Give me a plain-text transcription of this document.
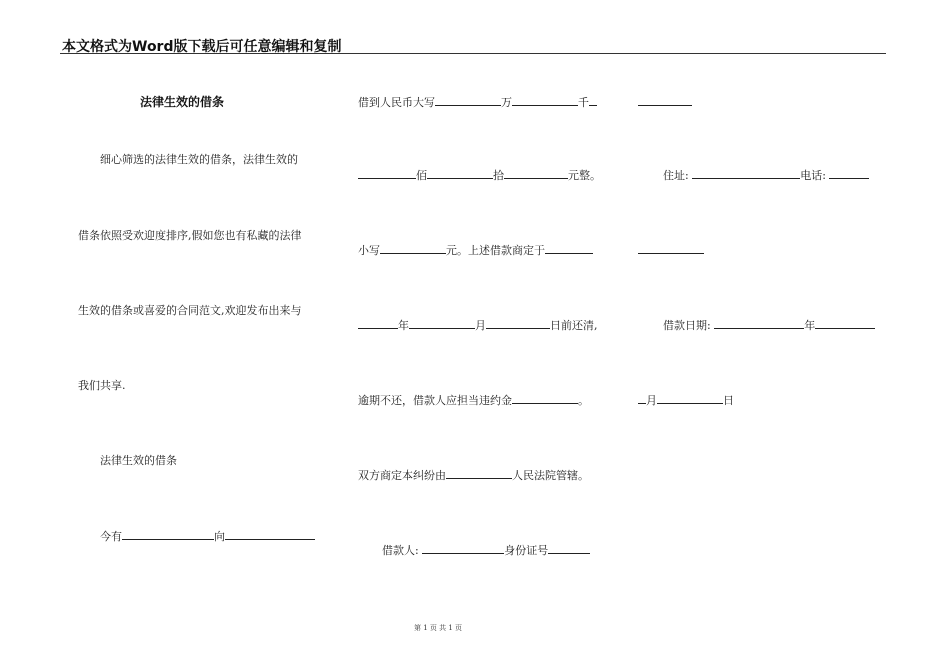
本文格式为Word版下载后可任意编辑和复制
法律生效的借条
细心筛选的法律生效的借条，法律生效的
借条依照受欢迎度排序,假如您也有私藏的法律
生效的借条或喜爱的合同范文,欢迎发布出来与
我们共享.
法律生效的借条
今有	向
借到人民币大写	万	千
佰	拾	元整。
小写	元。上述借款商定于
年	月	日前还清,
逾期不还，借款人应担当违约金	。
双方商定本纠纷由	人民法院管辖。
借款人:	身份证号
住址:	电话:
借款日期:	年
月	日
第 1 页 共 1 页
